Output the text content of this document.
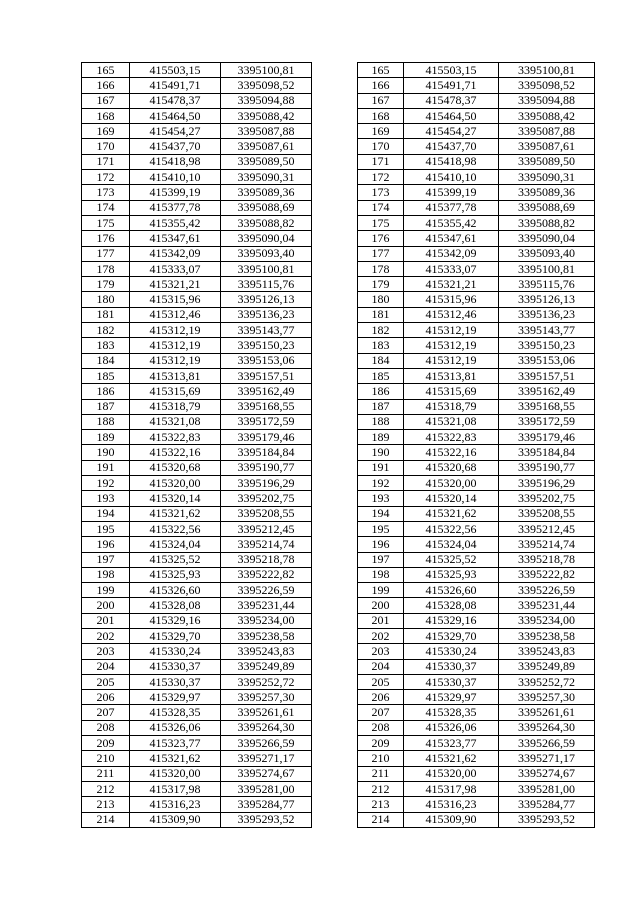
165	415503,15	3395100,81		165	415503,15	3395100,81
166	415491,71	3395098,52		166	415491,71	3395098,52
167	415478,37	3395094,88		167	415478,37	3395094,88
168	415464,50	3395088,42		168	415464,50	3395088,42
169	415454,27	3395087,88		169	415454,27	3395087,88
170	415437,70	3395087,61		170	415437,70	3395087,61
171	415418,98	3395089,50		171	415418,98	3395089,50
172	415410,10	3395090,31		172	415410,10	3395090,31
173	415399,19	3395089,36		173	415399,19	3395089,36
174	415377,78	3395088,69		174	415377,78	3395088,69
175	415355,42	3395088,82		175	415355,42	3395088,82
176	415347,61	3395090,04		176	415347,61	3395090,04
177	415342,09	3395093,40		177	415342,09	3395093,40
178	415333,07	3395100,81		178	415333,07	3395100,81
179	415321,21	3395115,76		179	415321,21	3395115,76
180	415315,96	3395126,13		180	415315,96	3395126,13
181	415312,46	3395136,23		181	415312,46	3395136,23
182	415312,19	3395143,77		182	415312,19	3395143,77
183	415312,19	3395150,23		183	415312,19	3395150,23
184	415312,19	3395153,06		184	415312,19	3395153,06
185	415313,81	3395157,51		185	415313,81	3395157,51
186	415315,69	3395162,49		186	415315,69	3395162,49
187	415318,79	3395168,55		187	415318,79	3395168,55
188	415321,08	3395172,59		188	415321,08	3395172,59
189	415322,83	3395179,46		189	415322,83	3395179,46
190	415322,16	3395184,84		190	415322,16	3395184,84
191	415320,68	3395190,77		191	415320,68	3395190,77
192	415320,00	3395196,29		192	415320,00	3395196,29
193	415320,14	3395202,75		193	415320,14	3395202,75
194	415321,62	3395208,55		194	415321,62	3395208,55
195	415322,56	3395212,45		195	415322,56	3395212,45
196	415324,04	3395214,74		196	415324,04	3395214,74
197	415325,52	3395218,78		197	415325,52	3395218,78
198	415325,93	3395222,82		198	415325,93	3395222,82
199	415326,60	3395226,59		199	415326,60	3395226,59
200	415328,08	3395231,44		200	415328,08	3395231,44
201	415329,16	3395234,00		201	415329,16	3395234,00
202	415329,70	3395238,58		202	415329,70	3395238,58
203	415330,24	3395243,83		203	415330,24	3395243,83
204	415330,37	3395249,89		204	415330,37	3395249,89
205	415330,37	3395252,72		205	415330,37	3395252,72
206	415329,97	3395257,30		206	415329,97	3395257,30
207	415328,35	3395261,61		207	415328,35	3395261,61
208	415326,06	3395264,30		208	415326,06	3395264,30
209	415323,77	3395266,59		209	415323,77	3395266,59
210	415321,62	3395271,17		210	415321,62	3395271,17
211	415320,00	3395274,67		211	415320,00	3395274,67
212	415317,98	3395281,00		212	415317,98	3395281,00
213	415316,23	3395284,77		213	415316,23	3395284,77
214	415309,90	3395293,52		214	415309,90	3395293,52
